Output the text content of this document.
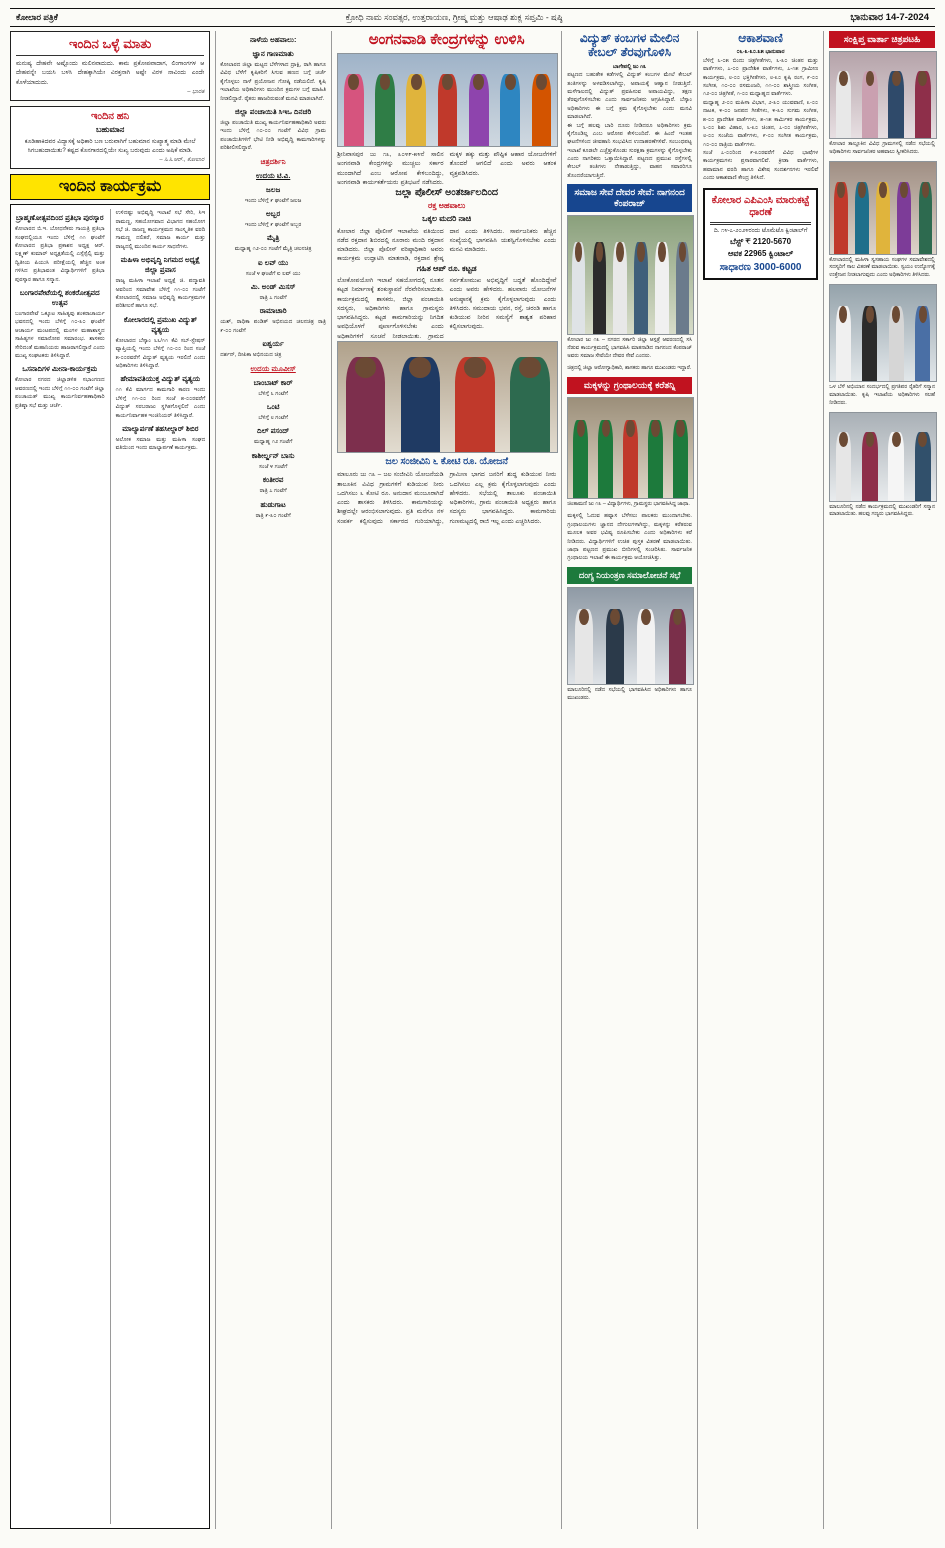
ಕೋಲಾರ ಪತ್ರಿಕೆ	ಕ್ರೋಧಿ ನಾಮ ಸಂವತ್ಸರ, ಉತ್ತರಾಯಣ, ಗ್ರೀಷ್ಮ ಮತ್ತು ಆಷಾಢ ಶುಕ್ಲ ಸಪ್ತಮಿ - ಷಷ್ಠಿ	ಭಾನುವಾರ 14-7-2024
ಇಂದಿನ ಒಳ್ಳೆ ಮಾತು
ಮನುಷ್ಯ ದೇಹವೇ ಅಷ್ಟೊಂದು ಮಲಿನವಾದುದು. ಕಾಮ ಪ್ರಕೋಪವಾದಾಗ, ಲಿಂಗಾಂಗಗಳ ಆ ದೇಹವನ್ನೇ ಬಯಸಿ ಬಳಸಿ ದೇಹಕ್ಕಾಗಿಯೇ ವಿರಕ್ತನಾಗಿ ಅಷ್ಟೇ ವಿರಳ ನಾವಿಂದು ಎಂದೇ ಕೊಳೆಯಾದುದು.
– ಭಾರತ
ಇಂದಿನ ಹನಿ
ಬಹುಮಾನ
ಕೂಡಿಹಾಕಿದವರ ವಿದ್ಯಾಸಕ್ಕೆ ಅಧಿಕಾರಿ ಬಣ ಬರುವಾಗಿಗೆ ಬಹುಮಾನ ಸುಖ್ಯಾತ್ಮ ಮಾಡಿ ಮೇಲೆ ಸಿಗಬಹುದಾಯಿತು? ಕಷ್ಟದ ಕೊನಗಾರದಲ್ಲಿಯೇ ಸುಖ್ಯ ಬರುವುದು ಎಂದು ಅಷಿಕೆ ಮಾಡಿ.
– ಸಿ.ಸಿ.ಆರ್., ಕೋಲಾರ
ಇಂದಿನ ಕಾರ್ಯಕ್ರಮ
ಬ್ರಾಹ್ಮಣೋತ್ಸವದಿಂದ ಪ್ರತಿಭಾ ಪುರಸ್ಕಾರ
ಕೋಲಾರದ ಬಿ.ಇ. ಬೋಧನೆಕರು ಗಾಯತ್ರಿ ಪ್ರತಿಭಾ ಸಂಘದಲ್ಲಿಯೂ ಇಂದು ಬೆಳಿಗ್ಗೆ ೧೧ ಘಂಟೆಗೆ ಕೋಲಾರದ ಪ್ರತಿಭಾ ಪ್ರಕಾಶನ ಅಧ್ಯಕ್ಷ ಆರ್. ಲಕ್ಷ್ಮಣ್ ಕುಮಾರ್ ಅಧ್ಯಕ್ಷತೆಯಲ್ಲಿ ಎಸ್ಸೆಸ್ಸೆಲ್ಸಿ ಮತ್ತು ದ್ವಿತೀಯ ಪಿಯುಸಿ ಪರೀಕ್ಷೆಯಲ್ಲಿ ಹೆಚ್ಚಿನ ಅಂಕ ಗಳಿಸಿದ ಪ್ರತಿಭಾವಂತ ವಿದ್ಯಾರ್ಥಿಗಳಿಗೆ ಪ್ರತಿಭಾ ಪುರಸ್ಕಾರ ಹಾಗೂ ಸನ್ಮಾನ.
ಬಂಗಾರಪೇಟೆಯಲ್ಲಿ ಶಂಕರೋತ್ಸವದ ಉತ್ಸವ
ಬಂಗಾರಪೇಟೆ ಒಕ್ಕೂಟ ಸಾಹಿತ್ಯವು ಶಂಕರಾಚಾರ್ಯ ಭವನದಲ್ಲಿ ಇಂದು ಬೆಳಿಗ್ಗೆ ೧೦-೩೦ ಘಂಟೆಗೆ ಆಚಾರ್ಯ ಮಂಟಪದಲ್ಲಿ ಮಂಗಳ ಮಹಾಶಾಸ್ತ್ರದ ಸಾಹಿತ್ಯಗಳ ಸಮಾರೋಪ ಸಮಾರಂಭ. ಶಾಸಕರು ಸೇರಿದಂತೆ ಮಹಾನಿಯರು ಹಾಜರಾಗಲಿದ್ದಾರೆ ಎಂದು ಮುಖ್ಯ ಸಂಘಟಕರು ತಿಳಿಸಿದ್ದಾರೆ.
ಒಸನಾದಿಗಳ ಮೀನಾ-ಕಾರ್ಯಕ್ರಮ
ಕೋಲಾರ ನಗರದ ಜಿಲ್ಲಾಡಳಿತ ಸಭಾಂಗಣದ ಆವರಣದಲ್ಲಿ ಇಂದು ಬೆಳಿಗ್ಗೆ ೧೧-೦೦ ಗಂಟೆಗೆ ಜಿಲ್ಲಾ ಪಂಚಾಯತ್ ಮುಖ್ಯ ಕಾರ್ಯನಿರ್ವಹಣಾಧಿಕಾರಿ ಪ್ರತಿಷ್ಠಾ ಸಭೆ ಮತ್ತು ಚರ್ಚೆ.
ಉಳಿದಷ್ಟು ಅಭಿವೃದ್ಧಿ ಇಲಾಖೆ ಸಭೆ ಸೇರಿ, ಸಿಇ ರಾಮಣ್ಣ, ಸಹಯೋಗವಾದ ವಿಭಾಗದ ಸಹಯೋಗ ಸಭೆ ಜಿ. ರಾಜಣ್ಣ ಕಾರ್ಯಕ್ರಮದ ಸಾಂಸ್ಕೃತಿಕ ವರದಿ ಗಾಮಣ್ಣ ದಲಿತರೆ, ಸಮಾಜ ಕಾರ್ಯ ಮತ್ತು ರಾಜ್ಯದಲ್ಲಿ ಮುಂದಿನ ಕಾರ್ಯ ಸಾಧನೆಗಳು.
ಮಹಿಳಾ ಅಭಿವೃದ್ಧಿ ನಿಗಮದ ಅಧ್ಯಕ್ಷೆ ಜಿಲ್ಲಾ ಪ್ರವಾಸ
ರಾಜ್ಯ ಮಹಿಳಾ ಇಲಾಖೆ ಅಧ್ಯಕ್ಷೆ ಜಿ. ಪದ್ಮಾವತಿ ಅವರಿಂದ ಸಮಾವೇಶ ಬೆಳಿಗ್ಗೆ ೧೧-೦೦ ಗಂಟೆಗೆ ಕೋಲಾರದಲ್ಲಿ ಸಮಾಜ ಅಭಿವೃದ್ಧಿ ಕಾರ್ಯಕ್ರಮಗಳ ಪರಿಶೀಲನೆ ಹಾಗೂ ಸಭೆ.
ಕೋಲಾರದಲ್ಲಿ ಪ್ರಮುಖ ವಿದ್ಯುತ್ ವ್ಯತ್ಯಯ
ಕೋಲಾರದ ಬೆಸ್ಕಾಂ ೬೬/೧೧ ಕೆವಿ ಸಬ್-ಸ್ಟೇಷನ್ ವ್ಯಾಪ್ತಿಯಲ್ಲಿ ಇಂದು ಬೆಳಿಗ್ಗೆ ೧೦-೦೦ ರಿಂದ ಸಂಜೆ ೫-೦೦ರವರೆಗೆ ವಿದ್ಯುತ್ ವ್ಯತ್ಯಯ ಇರಲಿದೆ ಎಂದು ಅಧಿಕಾರಿಗಳು ತಿಳಿಸಿದ್ದಾರೆ.
ಹೇಮಾವತಿಯುಕ್ತ ವಿದ್ಯುತ್ ವ್ಯತ್ಯಯ
೧೧ ಕೆವಿ ಮಾರ್ಗದ ಕಾಮಗಾರಿ ಕಾರಣ ಇಂದು ಬೆಳಿಗ್ಗೆ ೧೧-೦೦ ರಿಂದ ಸಂಜೆ ೫-೦೦ರವರೆಗೆ ವಿದ್ಯುತ್ ಸರಬರಾಜು ಸ್ಥಗಿತಗೊಳ್ಳಲಿದೆ ಎಂದು ಕಾರ್ಯನಿರ್ವಾಹಕ ಇಂಜಿನಿಯರ್ ತಿಳಿಸಿದ್ದಾರೆ.
ಮಾಲ್ಯಾರ್ಪಣೆ ತಹಸೀಲ್ದಾರ್ ಶಿಬಿರ
ಅಲೋಕ ಸಮಾಜ ಮತ್ತು ಮಹಿಳಾ ಸಂಘದ ವತಿಯಿಂದ ಇಂದು ಮಾಲ್ಯಾರ್ಪಣೆ ಕಾರ್ಯಕ್ರಮ.
ನಾಳೆಯ ಅಹವಾಲು:
ಜ್ಞಾನ ಗಾಣಮಾತು
ಕೋಲಾರದ ಜಿಲ್ಲಾ ಮಟ್ಟದ ಬೆಳೆಗಳಾದ ದ್ರಾಕ್ಷಿ, ರಾಗಿ ಹಾಗೂ ವಿವಿಧ ಬೆಳೆಗೆ ಕೃಷಿಕರಿಗೆ ಸಿಗುವ ಹಣದ ಬಗ್ಗೆ ಚರ್ಚೆ ಕೈಗೊಳ್ಳಲು ನಾಳೆ ಪ್ರಯೋಜನ ಗೋಷ್ಠಿ ನಡೆಯಲಿದೆ. ಕೃಷಿ ಇಲಾಖೆಯ ಅಧಿಕಾರಿಗಳು ಮುಂದಿನ ಕ್ರಮಗಳ ಬಗ್ಗೆ ಮಾಹಿತಿ ನೀಡಲಿದ್ದಾರೆ. ರೈತರು ಹಾಜರಿರುವಂತೆ ಮನವಿ ಮಾಡಲಾಗಿದೆ.
ಜಿಲ್ಲಾ ಪಂಚಾಯಿತಿ ಸಿಇಒ ದಿನಚರಿ
ಜಿಲ್ಲಾ ಪಂಚಾಯಿತಿ ಮುಖ್ಯ ಕಾರ್ಯನಿರ್ವಹಣಾಧಿಕಾರಿ ಅವರು ಇಂದು ಬೆಳಿಗ್ಗೆ ೧೦-೦೦ ಗಂಟೆಗೆ ವಿವಿಧ ಗ್ರಾಮ ಪಂಚಾಯಿತಿಗಳಿಗೆ ಭೇಟಿ ನೀಡಿ ಅಭಿವೃದ್ಧಿ ಕಾಮಗಾರಿಗಳನ್ನು ಪರಿಶೀಲಿಸಲಿದ್ದಾರೆ.
ಚಿತ್ರದರ್ಶಿನಿ
ಉದಯ ಟಿ.ವಿ.
ಜಲಜ
ಇಂದು ಬೆಳಿಗ್ಗೆ ೯ ಘಂಟೆಗೆ ಜಲಜ
ಅಬ್ಬರ
ಇಂದು ಬೆಳಿಗ್ಗೆ ೯ ಘಂಟೆಗೆ ಅಬ್ಬರ
ಮೈತ್ರಿ
ಮಧ್ಯಾಹ್ನ ೧೨-೦೦ ಗಂಟೆಗೆ ಮೈತ್ರಿ ಚಲನಚಿತ್ರ
ಐ ಲವ್ ಯು
ಸಂಜೆ ೪ ಘಂಟೆಗೆ ಐ ಲವ್ ಯು
ಮಿ. ಅಂಡ್ ಮಿಸಸ್
ರಾತ್ರಿ ೭ ಗಂಟೆಗೆ
ರಾಮಾಚಾರಿ
ಯಶ್, ರಾಧಿಕಾ ಪಂಡಿತ್ ಅಭಿನಯದ ಚಲನಚಿತ್ರ ರಾತ್ರಿ ೯-೦೦ ಗಂಟೆಗೆ
ಐಶ್ವರ್ಯ
ದರ್ಶನ್, ದೀಪಿಕಾ ಅಭಿನಯದ ಚಿತ್ರ
ಉದಯ ಮೂವೀಸ್
ಬಾಂಬಾಟ್ ಕಾರ್
ಬೆಳಿಗ್ಗೆ ೬ ಗಂಟೆಗೆ
ಒಂಟಿ
ಬೆಳಿಗ್ಗೆ ೮ ಗಂಟೆಗೆ
ದಿಲ್ ಪಸಂದ್
ಮಧ್ಯಾಹ್ನ ೧೨ ಗಂಟೆಗೆ
ಕಾಶೀರ್ಲ್ಡನ್ ಬಾಸು
ಸಂಜೆ ೪ ಗಂಟೆಗೆ
ಕಂತೀರವ
ರಾತ್ರಿ ೭ ಗಂಟೆಗೆ
ಹುಡುಗಾಟ
ರಾತ್ರಿ ೯-೩೦ ಗಂಟೆಗೆ
ಅಂಗನವಾಡಿ ಕೇಂದ್ರಗಳನ್ನು ಉಳಿಸಿ
ಶ್ರೀನಿವಾಸಪುರ ಜು ೧೩, ೩೦೪೯-೫೪ನೆ ಸಾಲಿನ ಅಂಗನವಾಡಿ ಕೇಂದ್ರಗಳನ್ನು ಮುಚ್ಚಲು ಸರ್ಕಾರ ಮುಂದಾಗಿದೆ ಎಂಬ ಆರೋಪ ಕೇಳಿಬಂದಿದ್ದು, ಅಂಗನವಾಡಿ ಕಾರ್ಯಕರ್ತೆಯರು ಪ್ರತಿಭಟನೆ ನಡೆಸಿದರು. ಮಕ್ಕಳ ಹಕ್ಕು ಮತ್ತು ಪೌಷ್ಟಿಕ ಆಹಾರ ಯೋಜನೆಗಳಿಗೆ ತೊಂದರೆ ಆಗಲಿದೆ ಎಂದು ಅವರು ಆತಂಕ ವ್ಯಕ್ತಪಡಿಸಿದರು.
ಜಲ್ಲಾ ಪೊಲೀಸ್ ಅಂತರ್ಜಾಲದಿಂದ
ರಕ್ತ ಅಹವಾಲು
ಒಕ್ಕಲ ಮದರಿ ನಾಚಿ
ಕೋಲಾರ ಜಿಲ್ಲಾ ಪೊಲೀಸ್ ಇಲಾಖೆಯ ವತಿಯಿಂದ ನಡೆದ ರಕ್ತದಾನ ಶಿಬಿರದಲ್ಲಿ ನೂರಾರು ಮಂದಿ ರಕ್ತದಾನ ಮಾಡಿದರು. ಜಿಲ್ಲಾ ಪೊಲೀಸ್ ವರಿಷ್ಠಾಧಿಕಾರಿ ಅವರು ಕಾರ್ಯಕ್ರಮ ಉದ್ಘಾಟಿಸಿ ಮಾತನಾಡಿ, ರಕ್ತದಾನ ಶ್ರೇಷ್ಠ ದಾನ ಎಂದು ತಿಳಿಸಿದರು. ಸಾರ್ವಜನಿಕರು ಹೆಚ್ಚಿನ ಸಂಖ್ಯೆಯಲ್ಲಿ ಭಾಗವಹಿಸಿ ಯಶಸ್ವಿಗೊಳಿಸಬೇಕು ಎಂದು ಮನವಿ ಮಾಡಿದರು.
ಗಹಿತ ಆಪ್ ರೂ. ಕಟ್ಟಡ
ಲೋಕೋಪಯೋಗಿ ಇಲಾಖೆ ಸಹಯೋಗದಲ್ಲಿ ನೂತನ ಕಟ್ಟಡ ನಿರ್ಮಾಣಕ್ಕೆ ಶಂಕುಸ್ಥಾಪನೆ ನೆರವೇರಿಸಲಾಯಿತು. ಕಾರ್ಯಕ್ರಮದಲ್ಲಿ ಶಾಸಕರು, ಜಿಲ್ಲಾ ಪಂಚಾಯಿತಿ ಸದಸ್ಯರು, ಅಧಿಕಾರಿಗಳು ಹಾಗೂ ಗ್ರಾಮಸ್ಥರು ಭಾಗವಹಿಸಿದ್ದರು. ಕಟ್ಟಡ ಕಾಮಗಾರಿಯನ್ನು ನಿಗದಿತ ಅವಧಿಯೊಳಗೆ ಪೂರ್ಣಗೊಳಿಸಬೇಕು ಎಂದು ಅಧಿಕಾರಿಗಳಿಗೆ ಸೂಚನೆ ನೀಡಲಾಯಿತು. ಗ್ರಾಮದ ಸರ್ವತೋಮುಖ ಅಭಿವೃದ್ಧಿಗೆ ಬದ್ಧತೆ ಹೊಂದಿದ್ದೇವೆ ಎಂದು ಅವರು ಹೇಳಿದರು. ಹಲವಾರು ಯೋಜನೆಗಳ ಅನುಷ್ಠಾನಕ್ಕೆ ಕ್ರಮ ಕೈಗೊಳ್ಳಲಾಗುವುದು ಎಂದು ತಿಳಿಸಿದರು. ಸಮುದಾಯ ಭವನ, ರಸ್ತೆ, ಚರಂಡಿ ಹಾಗೂ ಕುಡಿಯುವ ನೀರಿನ ಸಮಸ್ಯೆಗೆ ಶಾಶ್ವತ ಪರಿಹಾರ ಕಲ್ಪಿಸಲಾಗುವುದು.
ಜಲ ಸಂಜೀವಿನಿ ೬ ಕೋಟಿ ರೂ. ಯೋಜನೆ
ಮಾಲೂರು ಜು ೧೩ – ಜಲ ಸಂಜೀವಿನಿ ಯೋಜನೆಯಡಿ ತಾಲೂಕಿನ ವಿವಿಧ ಗ್ರಾಮಗಳಿಗೆ ಕುಡಿಯುವ ನೀರು ಒದಗಿಸಲು ೬ ಕೋಟಿ ರೂ. ಅನುದಾನ ಮಂಜೂರಾಗಿದೆ ಎಂದು ಶಾಸಕರು ತಿಳಿಸಿದರು. ಕಾಮಗಾರಿಯನ್ನು ಶೀಘ್ರದಲ್ಲೇ ಆರಂಭಿಸಲಾಗುವುದು. ಪ್ರತಿ ಮನೆಗೂ ನಳ ಸಂಪರ್ಕ ಕಲ್ಪಿಸುವುದು ಸರ್ಕಾರದ ಗುರಿಯಾಗಿದ್ದು, ಗ್ರಾಮೀಣ ಭಾಗದ ಜನರಿಗೆ ಶುದ್ಧ ಕುಡಿಯುವ ನೀರು ಒದಗಿಸಲು ಎಲ್ಲ ಕ್ರಮ ಕೈಗೊಳ್ಳಲಾಗುವುದು ಎಂದು ಹೇಳಿದರು. ಸಭೆಯಲ್ಲಿ ತಾಲೂಕು ಪಂಚಾಯಿತಿ ಅಧಿಕಾರಿಗಳು, ಗ್ರಾಮ ಪಂಚಾಯಿತಿ ಅಧ್ಯಕ್ಷರು ಹಾಗೂ ಸದಸ್ಯರು ಭಾಗವಹಿಸಿದ್ದರು. ಕಾಮಗಾರಿಯ ಗುಣಮಟ್ಟದಲ್ಲಿ ರಾಜಿ ಇಲ್ಲ ಎಂದು ಎಚ್ಚರಿಸಿದರು.
ವಿದ್ಯುತ್ ಕಂಬಗಳ ಮೇಲಿನ ಕೇಬಲ್ ತೆರವುಗೊಳಿಸಿ
ಬಾಗೇಪಲ್ಲಿ ಜು ೧೩
ಪಟ್ಟಣದ ಬಹುತೇಕ ಕಡೆಗಳಲ್ಲಿ ವಿದ್ಯುತ್ ಕಂಬಗಳ ಮೇಲೆ ಕೇಬಲ್ ತಂತಿಗಳನ್ನು ಅಳವಡಿಸಲಾಗಿದ್ದು, ಅಪಾಯಕ್ಕೆ ಆಹ್ವಾನ ನೀಡುತ್ತಿದೆ. ಮಳೆಗಾಲದಲ್ಲಿ ವಿದ್ಯುತ್ ಪ್ರವಹಿಸುವ ಅಪಾಯವಿದ್ದು, ತಕ್ಷಣ ತೆರವುಗೊಳಿಸಬೇಕು ಎಂದು ಸಾರ್ವಜನಿಕರು ಆಗ್ರಹಿಸಿದ್ದಾರೆ. ಬೆಸ್ಕಾಂ ಅಧಿಕಾರಿಗಳು ಈ ಬಗ್ಗೆ ಕ್ರಮ ಕೈಗೊಳ್ಳಬೇಕು ಎಂದು ಮನವಿ ಮಾಡಲಾಗಿದೆ.
ಈ ಬಗ್ಗೆ ಹಲವು ಬಾರಿ ದೂರು ನೀಡಿದರೂ ಅಧಿಕಾರಿಗಳು ಕ್ರಮ ಕೈಗೊಂಡಿಲ್ಲ ಎಂಬ ಆರೋಪ ಕೇಳಿಬಂದಿದೆ. ಈ ಹಿಂದೆ ಇಂತಹ ಘಟನೆಗಳಿಂದ ಜೀವಹಾನಿ ಸಂಭವಿಸಿದ ಉದಾಹರಣೆಗಳಿವೆ. ಸಂಬಂಧಪಟ್ಟ ಇಲಾಖೆ ಕೂಡಲೇ ಎಚ್ಚೆತ್ತುಕೊಂಡು ಸುರಕ್ಷತಾ ಕ್ರಮಗಳನ್ನು ಕೈಗೊಳ್ಳಬೇಕು ಎಂದು ನಾಗರಿಕರು ಒತ್ತಾಯಿಸಿದ್ದಾರೆ. ಪಟ್ಟಣದ ಪ್ರಮುಖ ರಸ್ತೆಗಳಲ್ಲಿ ಕೇಬಲ್ ತಂತಿಗಳು ನೇತಾಡುತ್ತಿದ್ದು, ವಾಹನ ಸವಾರರಿಗೂ ತೊಂದರೆಯಾಗುತ್ತಿದೆ.
ಸಮಾಜ ಸೇವೆ ದೇವರ ಸೇವೆ: ನಾಗನಂದ ಕೆಂಪರಾಜ್
ಕೋಲಾರ ಜು ೧೩ – ನಗರದ ಸರ್ಕಾರಿ ಜಿಲ್ಲಾ ಆಸ್ಪತ್ರೆ ಆವರಣದಲ್ಲಿ ಸಸಿ ನೆಡುವ ಕಾರ್ಯಕ್ರಮದಲ್ಲಿ ಭಾಗವಹಿಸಿ ಮಾತನಾಡಿದ ನಾಗನಂದ ಕೆಂಪರಾಜ್ ಅವರು ಸಮಾಜ ಸೇವೆಯೇ ದೇವರ ಸೇವೆ ಎಂದರು.
ಚಿತ್ರದಲ್ಲಿ ಜಿಲ್ಲಾ ಆರೋಗ್ಯಾಧಿಕಾರಿ, ಶಾಸಕರು ಹಾಗೂ ಮುಖಂಡರು ಇದ್ದಾರೆ.
ಮಕ್ಕಳನ್ನು ಗ್ರಂಥಾಲಯಕ್ಕೆ ಕರೆತನ್ನಿ
ಚಿಂತಾಮಣಿ ಜು ೧೩ – ವಿದ್ಯಾರ್ಥಿಗಳು, ಗ್ರಾಮಸ್ಥರು ಭಾಗವಹಿಸಿದ್ದ ಜಾಥಾ.
ಮಕ್ಕಳಲ್ಲಿ ಓದುವ ಹವ್ಯಾಸ ಬೆಳೆಸಲು ಪಾಲಕರು ಮುಂದಾಗಬೇಕು. ಗ್ರಂಥಾಲಯಗಳು ಜ್ಞಾನದ ದೇಗುಲಗಳಾಗಿದ್ದು, ಮಕ್ಕಳನ್ನು ಕರೆತರುವ ಮೂಲಕ ಅವರ ಭವಿಷ್ಯ ರೂಪಿಸಬೇಕು ಎಂದು ಅಧಿಕಾರಿಗಳು ಕರೆ ನೀಡಿದರು. ವಿದ್ಯಾರ್ಥಿಗಳಿಗೆ ಉಚಿತ ಪುಸ್ತಕ ವಿತರಣೆ ಮಾಡಲಾಯಿತು. ಜಾಥಾ ಪಟ್ಟಣದ ಪ್ರಮುಖ ಬೀದಿಗಳಲ್ಲಿ ಸಂಚರಿಸಿತು. ಸಾರ್ವಜನಿಕ ಗ್ರಂಥಾಲಯ ಇಲಾಖೆ ಈ ಕಾರ್ಯಕ್ರಮ ಆಯೋಜಿಸಿತ್ತು.
ದಂಗ್ಯ ನಿಯಂತ್ರಣ ಸಮಾಲೋಚನೆ ಸಭೆ
ಮಾಲೂರಿನಲ್ಲಿ ನಡೆದ ಸಭೆಯಲ್ಲಿ ಭಾಗವಹಿಸಿದ ಅಧಿಕಾರಿಗಳು ಹಾಗೂ ಮುಖಂಡರು.
ಆಕಾಶವಾಣಿ
೦೬-೩-೩೦.೩೫ ಭಾನುವಾರ
ಬೆಳಿಗ್ಗೆ ೬-೦೫ ಬಿಂದು ಚಿತ್ರಗೀತೆಗಳು, ೬-೩೦ ಚಿಂತನ ಮತ್ತು ವಾರ್ತೆಗಳು, ೭-೦೦ ಪ್ರಾದೇಶಿಕ ವಾರ್ತೆಗಳು, ೭-೧೫ ಗ್ರಾಮೀಣ ಕಾರ್ಯಕ್ರಮ, ೮-೦೦ ಭಕ್ತಿಗೀತೆಗಳು, ೮-೩೦ ಕೃಷಿ ರಂಗ, ೯-೦೦ ಸಂಗೀತ, ೧೦-೦೦ ರಸಮಂಜರಿ, ೧೧-೦೦ ಶಾಸ್ತ್ರೀಯ ಸಂಗೀತ, ೧೨-೦೦ ಚಿತ್ರಗೀತೆ, ೧-೦೦ ಮಧ್ಯಾಹ್ನದ ವಾರ್ತೆಗಳು.
ಮಧ್ಯಾಹ್ನ ೨-೦೦ ಮಹಿಳಾ ವಿಭಾಗ, ೨-೩೦ ಯುವವಾಣಿ, ೩-೦೦ ನಾಟಕ, ೪-೦೦ ಜನಪದ ಗೀತೆಗಳು, ೪-೩೦ ಸುಗಮ ಸಂಗೀತ, ೫-೦೦ ಪ್ರಾದೇಶಿಕ ವಾರ್ತೆಗಳು, ೫-೧೫ ಕಾರ್ಮಿಕರ ಕಾರ್ಯಕ್ರಮ, ೬-೦೦ ಶಿಶು ವಿಹಾರ, ೬-೩೦ ಚಿಂತನ, ೭-೦೦ ಚಿತ್ರಗೀತೆಗಳು, ೮-೦೦ ಸಂಜೆಯ ವಾರ್ತೆಗಳು, ೯-೦೦ ಸಂಗೀತ ಕಾರ್ಯಕ್ರಮ, ೧೦-೦೦ ರಾತ್ರಿಯ ವಾರ್ತೆಗಳು.
ಸಂಜೆ ೭-೦೦ರಿಂದ ೯-೩೦ರವರೆಗೆ ವಿವಿಧ ಭಾಷೆಗಳ ಕಾರ್ಯಕ್ರಮಗಳು ಪ್ರಸಾರವಾಗಲಿವೆ. ಕ್ರೀಡಾ ವಾರ್ತೆಗಳು, ಹವಾಮಾನ ವರದಿ ಹಾಗೂ ವಿಶೇಷ ಸಂದರ್ಶನಗಳು ಇರಲಿವೆ ಎಂದು ಆಕಾಶವಾಣಿ ಕೇಂದ್ರ ತಿಳಿಸಿದೆ.
ಕೋಲಾರ ಎಪಿಎಂಸಿ ಮಾರುಕಟ್ಟೆ ಧಾರಣೆ
ದಿ. ೧೪-೭-೨೦೨೪ರಂದು ಟೊಮೆಟೊ ಕ್ವಿಂಟಾಲ್‌ಗೆ
ಬೆಸ್ಟ್ ₹ 2120-5670
ಆವಕ 22965 ಕ್ವಿಂಟಾಲ್
ಸಾಧಾರಣ 3000-6000
ಸಂಕ್ಷಿಪ್ತ ವಾರ್ತಾ ಚಿತ್ರಪಟಹಿ
ಕೋಲಾರ ತಾಲ್ಲೂಕಿನ ವಿವಿಧ ಗ್ರಾಮಗಳಲ್ಲಿ ನಡೆದ ಸಭೆಯಲ್ಲಿ ಅಧಿಕಾರಿಗಳು ಸಾರ್ವಜನಿಕರ ಅಹವಾಲು ಸ್ವೀಕರಿಸಿದರು.
ಕೋಲಾರದಲ್ಲಿ ಮಹಿಳಾ ಸ್ವಸಹಾಯ ಸಂಘಗಳ ಸಮಾವೇಶದಲ್ಲಿ ಸದಸ್ಯರಿಗೆ ಸಾಲ ವಿತರಣೆ ಮಾಡಲಾಯಿತು. ಸ್ವಯಂ ಉದ್ಯೋಗಕ್ಕೆ ಉತ್ತೇಜನ ನೀಡಲಾಗುವುದು ಎಂದು ಅಧಿಕಾರಿಗಳು ತಿಳಿಸಿದರು.
ಒಳ ಬೆಳೆ ಅಭಿಯಾನ ಸಂದರ್ಭದಲ್ಲಿ ಪ್ರಗತಿಪರ ರೈತರಿಗೆ ಸನ್ಮಾನ ಮಾಡಲಾಯಿತು. ಕೃಷಿ ಇಲಾಖೆಯ ಅಧಿಕಾರಿಗಳು ಸಲಹೆ ನೀಡಿದರು.
ಮಾಲೂರಿನಲ್ಲಿ ನಡೆದ ಕಾರ್ಯಕ್ರಮದಲ್ಲಿ ಮುಖಂಡರಿಗೆ ಸನ್ಮಾನ ಮಾಡಲಾಯಿತು. ಹಲವು ಗಣ್ಯರು ಭಾಗವಹಿಸಿದ್ದರು.
